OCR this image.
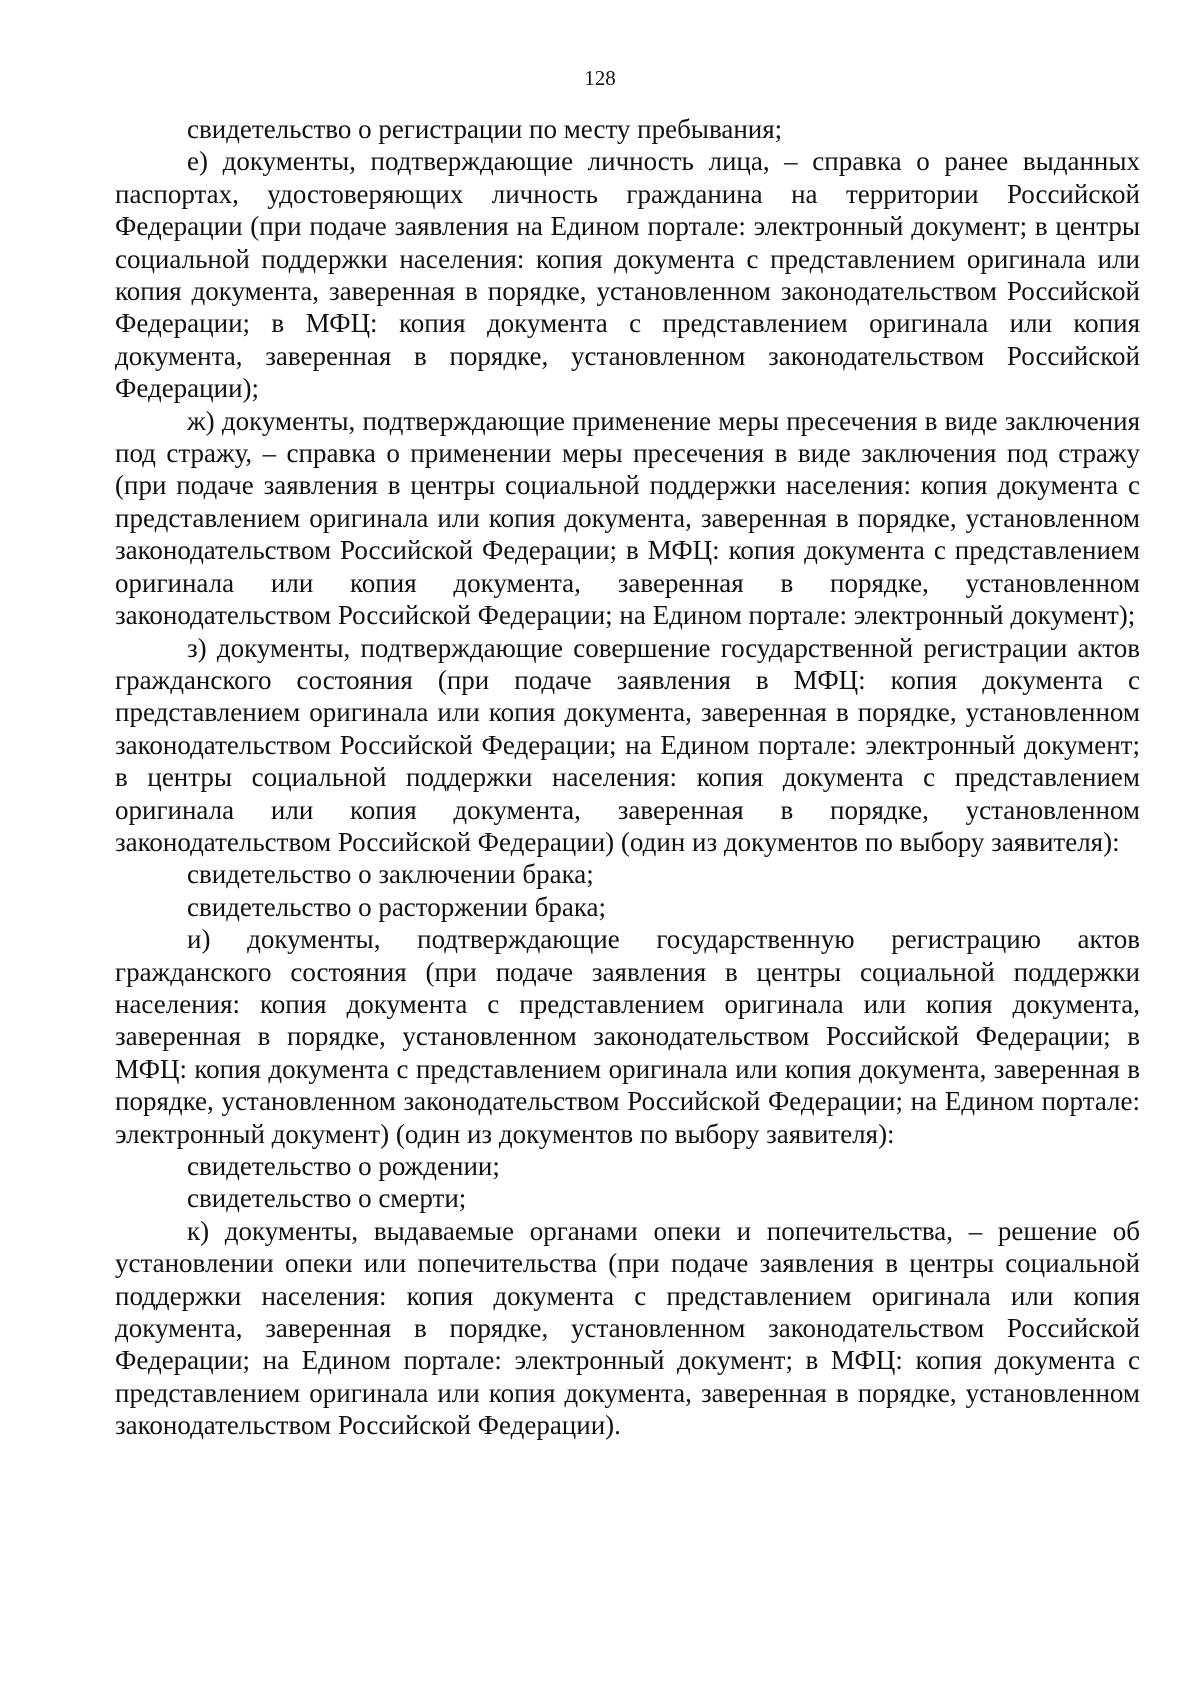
128

свидетельство о регистрации по месту пребывания;

е) документы, подтверждающие личность лица, – справка о ранее выданных паспортах, удостоверяющих личность гражданина на территории Российской Федерации (при подаче заявления на Едином портале: электронный документ; в центры социальной поддержки населения: копия документа с представлением оригинала или копия документа, заверенная в порядке, установленном законодательством Российской Федерации; в МФЦ: копия документа с представлением оригинала или копия документа, заверенная в порядке, установленном законодательством Российской Федерации);

ж) документы, подтверждающие применение меры пресечения в виде заключения под стражу, – справка о применении меры пресечения в виде заключения под стражу (при подаче заявления в центры социальной поддержки населения: копия документа с представлением оригинала или копия документа, заверенная в порядке, установленном законодательством Российской Федерации; в МФЦ: копия документа с представлением оригинала или копия документа, заверенная в порядке, установленном законодательством Российской Федерации; на Едином портале: электронный документ);

з) документы, подтверждающие совершение государственной регистрации актов гражданского состояния (при подаче заявления в МФЦ: копия документа с представлением оригинала или копия документа, заверенная в порядке, установленном законодательством Российской Федерации; на Едином портале: электронный документ; в центры социальной поддержки населения: копия документа с представлением оригинала или копия документа, заверенная в порядке, установленном законодательством Российской Федерации) (один из документов по выбору заявителя):

свидетельство о заключении брака;

свидетельство о расторжении брака;

и) документы, подтверждающие государственную регистрацию актов гражданского состояния (при подаче заявления в центры социальной поддержки населения: копия документа с представлением оригинала или копия документа, заверенная в порядке, установленном законодательством Российской Федерации; в МФЦ: копия документа с представлением оригинала или копия документа, заверенная в порядке, установленном законодательством Российской Федерации; на Едином портале: электронный документ) (один из документов по выбору заявителя):

свидетельство о рождении;

свидетельство о смерти;

к) документы, выдаваемые органами опеки и попечительства, – решение об установлении опеки или попечительства (при подаче заявления в центры социальной поддержки населения: копия документа с представлением оригинала или копия документа, заверенная в порядке, установленном законодательством Российской Федерации; на Едином портале: электронный документ; в МФЦ: копия документа с представлением оригинала или копия документа, заверенная в порядке, установленном законодательством Российской Федерации).
